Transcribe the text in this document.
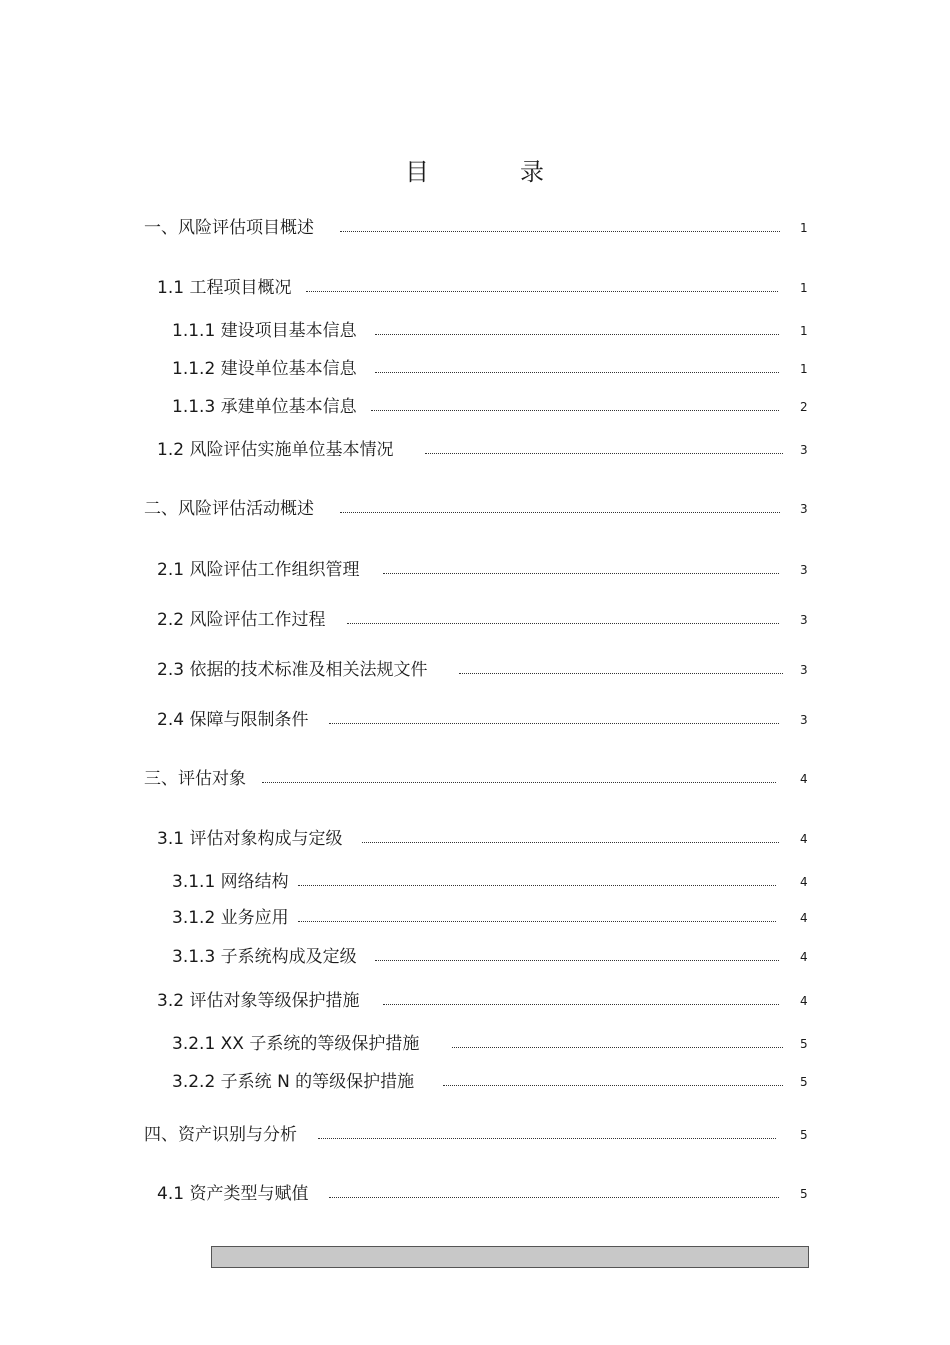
目	录
一、风险评估项目概述	1
1.1 工程项目概况	1
1.1.1 建设项目基本信息	1
1.1.2 建设单位基本信息	1
1.1.3 承建单位基本信息	2
1.2 风险评估实施单位基本情况	3
二、风险评估活动概述	3
2.1 风险评估工作组织管理	3
2.2 风险评估工作过程	3
2.3 依据的技术标准及相关法规文件	3
2.4 保障与限制条件	3
三、评估对象	4
3.1 评估对象构成与定级	4
3.1.1 网络结构	4
3.1.2 业务应用	4
3.1.3 子系统构成及定级	4
3.2 评估对象等级保护措施	4
3.2.1 XX 子系统的等级保护措施	5
3.2.2 子系统 N 的等级保护措施	5
四、资产识别与分析	5
4.1 资产类型与赋值	5
